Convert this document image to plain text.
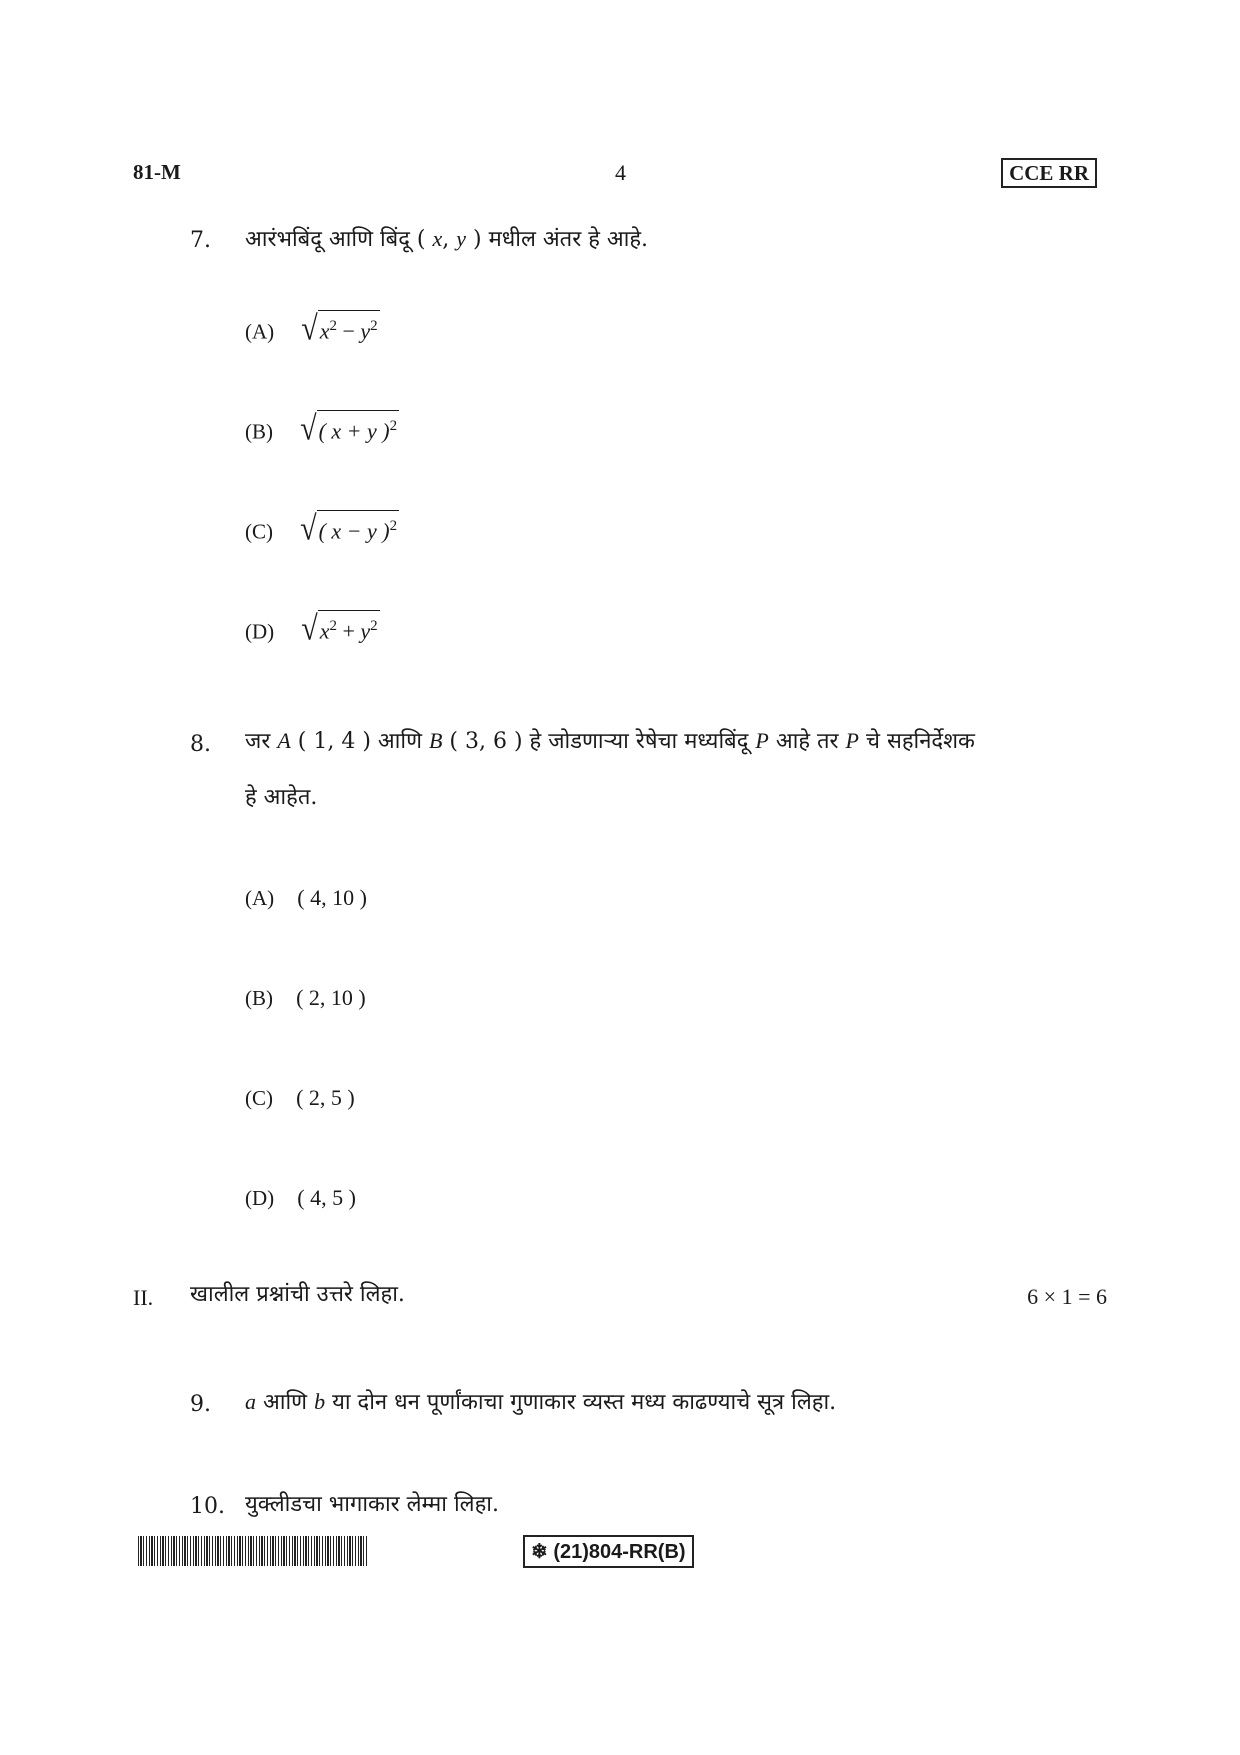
81-M	4	CCE RR
7. आरंभबिंदू आणि बिंदू ( x, y ) मधील अंतर हे आहे.
(A) √ $x^2 - y^2$
(B) √ ( x + y )$^2$
(C) √ ( x − y )$^2$
(D) √ $x^2 + y^2$
8. जर A ( 1, 4 ) आणि B ( 3, 6 ) हे जोडणाऱ्या रेषेचा मध्यबिंदू P आहे तर P चे सहनिर्देशक
हे आहेत.
(A) ( 4, 10 )
(B) ( 2, 10 )
(C) ( 2, 5 )
(D) ( 4, 5 )
II. खालील प्रश्नांची उत्तरे लिहा.	6 × 1 = 6
9. a आणि b या दोन धन पूर्णांकाचा गुणाकार व्यस्त मध्य काढण्याचे सूत्र लिहा.
10. युक्लीडचा भागाकार लेम्मा लिहा.
❄ (21)804-RR(B)
